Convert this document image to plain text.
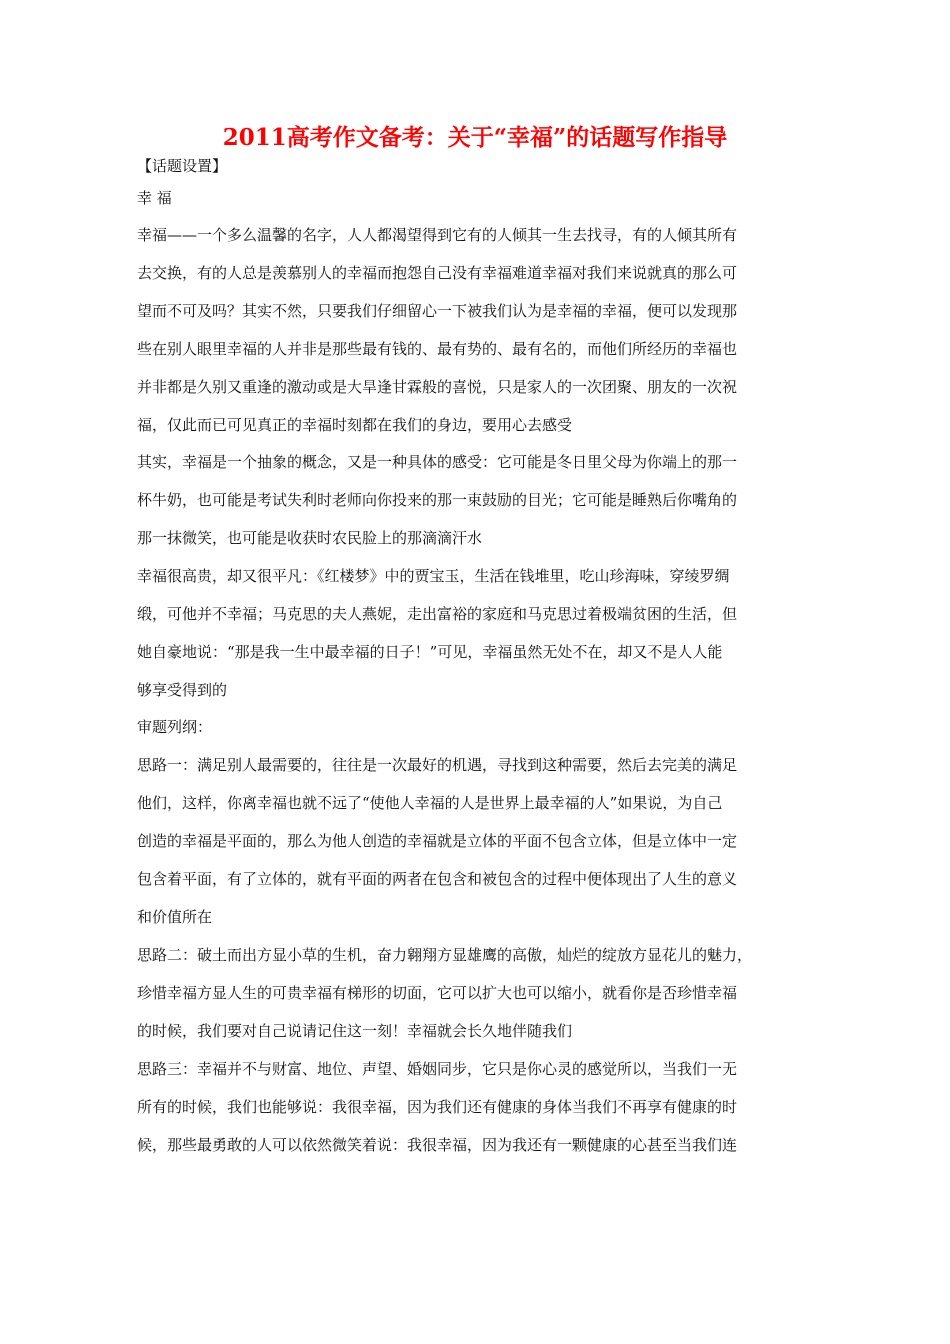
2011高考作文备考：关于“幸福”的话题写作指导
【话题设置】

幸 福

幸福——一个多么温馨的名字，人人都渴望得到它有的人倾其一生去找寻，有的人倾其所有

去交换，有的人总是羡慕别人的幸福而抱怨自己没有幸福难道幸福对我们来说就真的那么可

望而不可及吗？其实不然，只要我们仔细留心一下被我们认为是幸福的幸福，便可以发现那

些在别人眼里幸福的人并非是那些最有钱的、最有势的、最有名的，而他们所经历的幸福也

并非都是久别又重逢的激动或是大旱逢甘霖般的喜悦，只是家人的一次团聚、朋友的一次祝

福，仅此而已可见真正的幸福时刻都在我们的身边，要用心去感受

其实，幸福是一个抽象的概念，又是一种具体的感受：它可能是冬日里父母为你端上的那一

杯牛奶，也可能是考试失利时老师向你投来的那一束鼓励的目光；它可能是睡熟后你嘴角的

那一抹微笑，也可能是收获时农民脸上的那滴滴汗水

幸福很高贵，却又很平凡：《红楼梦》中的贾宝玉，生活在钱堆里，吃山珍海味，穿绫罗绸

缎，可他并不幸福；马克思的夫人燕妮，走出富裕的家庭和马克思过着极端贫困的生活，但

她自豪地说：“那是我一生中最幸福的日子！”可见，幸福虽然无处不在，却又不是人人能

够享受得到的

审题列纲：

思路一：满足别人最需要的，往往是一次最好的机遇，寻找到这种需要，然后去完美的满足

他们，这样，你离幸福也就不远了“使他人幸福的人是世界上最幸福的人”如果说，为自己

创造的幸福是平面的，那么为他人创造的幸福就是立体的平面不包含立体，但是立体中一定

包含着平面，有了立体的，就有平面的两者在包含和被包含的过程中便体现出了人生的意义

和价值所在

思路二：破土而出方显小草的生机，奋力翱翔方显雄鹰的高傲，灿烂的绽放方显花儿的魅力，

珍惜幸福方显人生的可贵幸福有梯形的切面，它可以扩大也可以缩小，就看你是否珍惜幸福

的时候，我们要对自己说请记住这一刻！幸福就会长久地伴随我们

思路三：幸福并不与财富、地位、声望、婚姻同步，它只是你心灵的感觉所以，当我们一无

所有的时候，我们也能够说：我很幸福，因为我们还有健康的身体当我们不再享有健康的时

候，那些最勇敢的人可以依然微笑着说：我很幸福，因为我还有一颗健康的心甚至当我们连
